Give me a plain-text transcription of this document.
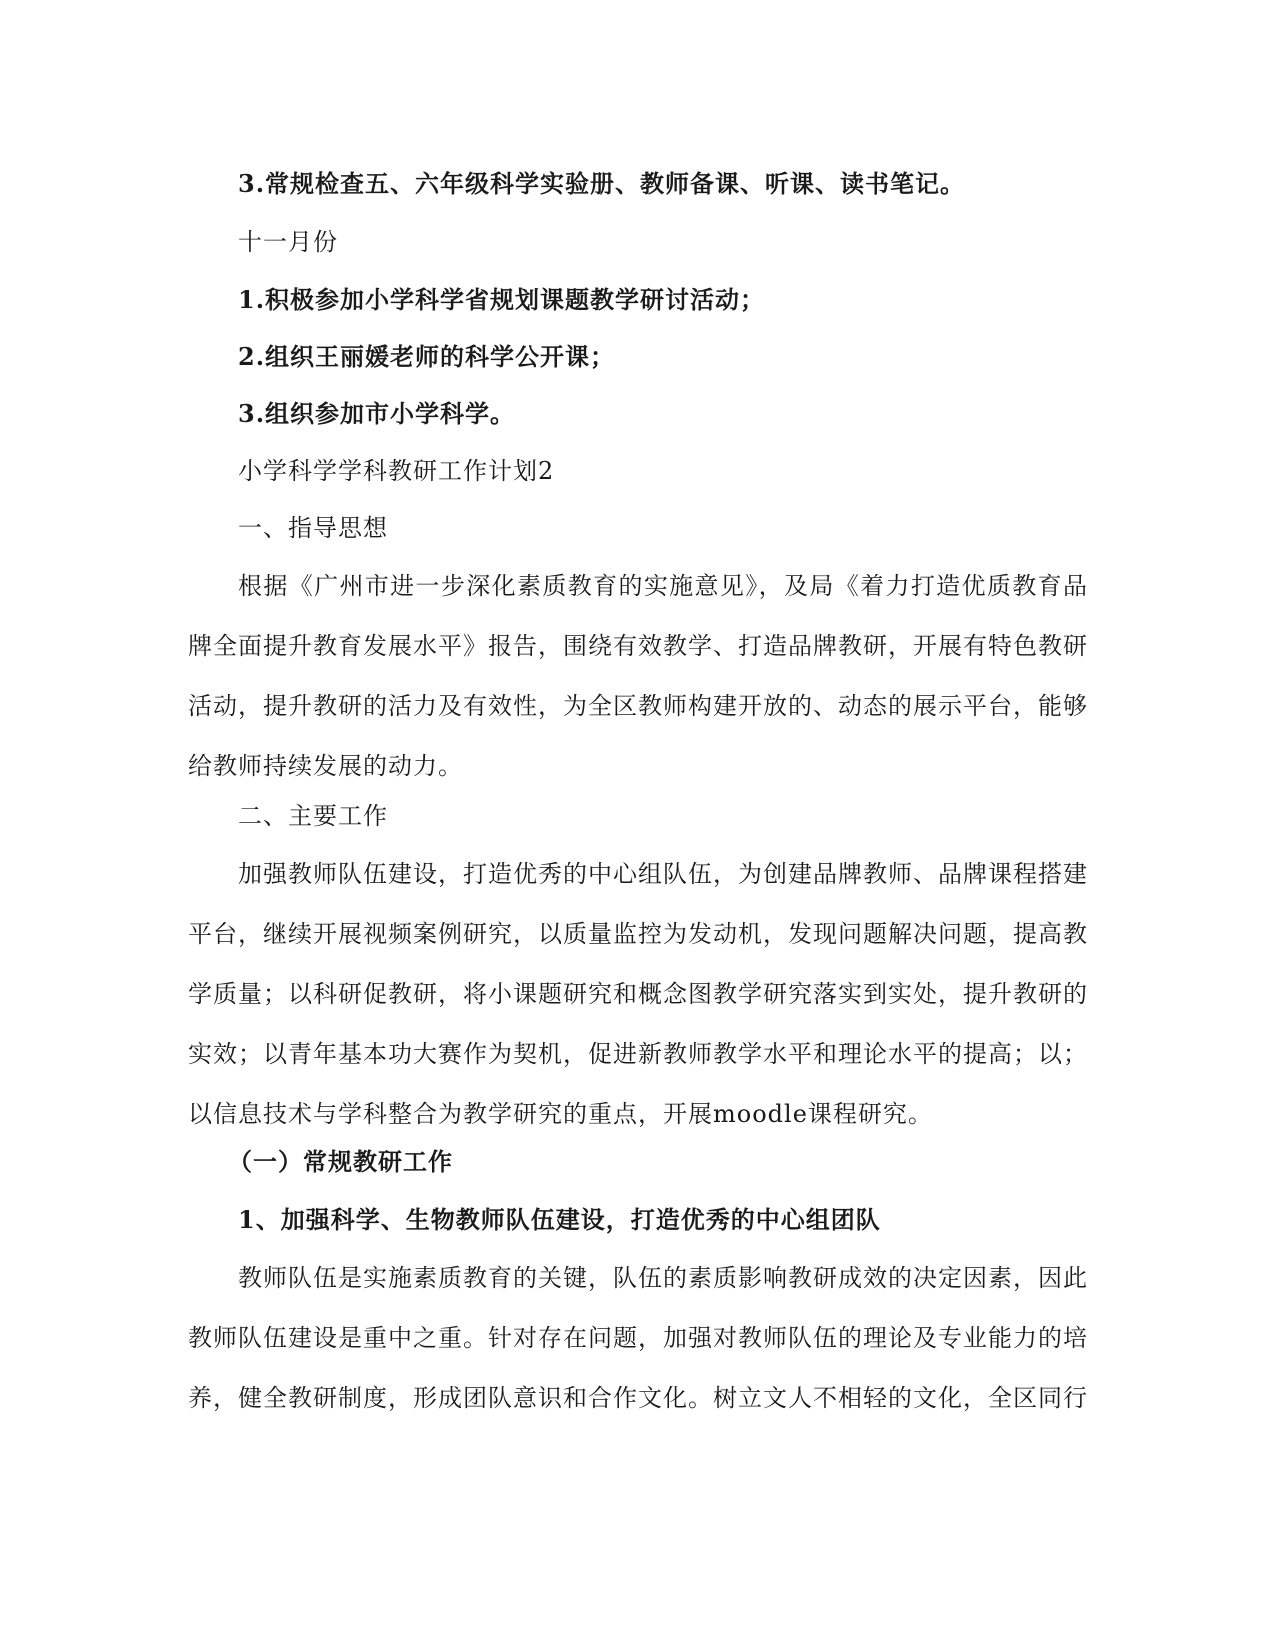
3.常规检查五、六年级科学实验册、教师备课、听课、读书笔记。

十一月份

1.积极参加小学科学省规划课题教学研讨活动；

2.组织王丽媛老师的科学公开课；

3.组织参加市小学科学。

小学科学学科教研工作计划2

一、指导思想

根据《广州市进一步深化素质教育的实施意见》，及局《着力打造优质教育品牌全面提升教育发展水平》报告，围绕有效教学、打造品牌教研，开展有特色教研活动，提升教研的活力及有效性，为全区教师构建开放的、动态的展示平台，能够给教师持续发展的动力。

二、主要工作

加强教师队伍建设，打造优秀的中心组队伍，为创建品牌教师、品牌课程搭建平台，继续开展视频案例研究，以质量监控为发动机，发现问题解决问题，提高教学质量；以科研促教研，将小课题研究和概念图教学研究落实到实处，提升教研的实效；以青年基本功大赛作为契机，促进新教师教学水平和理论水平的提高；以；以信息技术与学科整合为教学研究的重点，开展moodle课程研究。

（一）常规教研工作

1、加强科学、生物教师队伍建设，打造优秀的中心组团队

教师队伍是实施素质教育的关键，队伍的素质影响教研成效的决定因素，因此教师队伍建设是重中之重。针对存在问题，加强对教师队伍的理论及专业能力的培养，健全教研制度，形成团队意识和合作文化。树立文人不相轻的文化，全区同行
